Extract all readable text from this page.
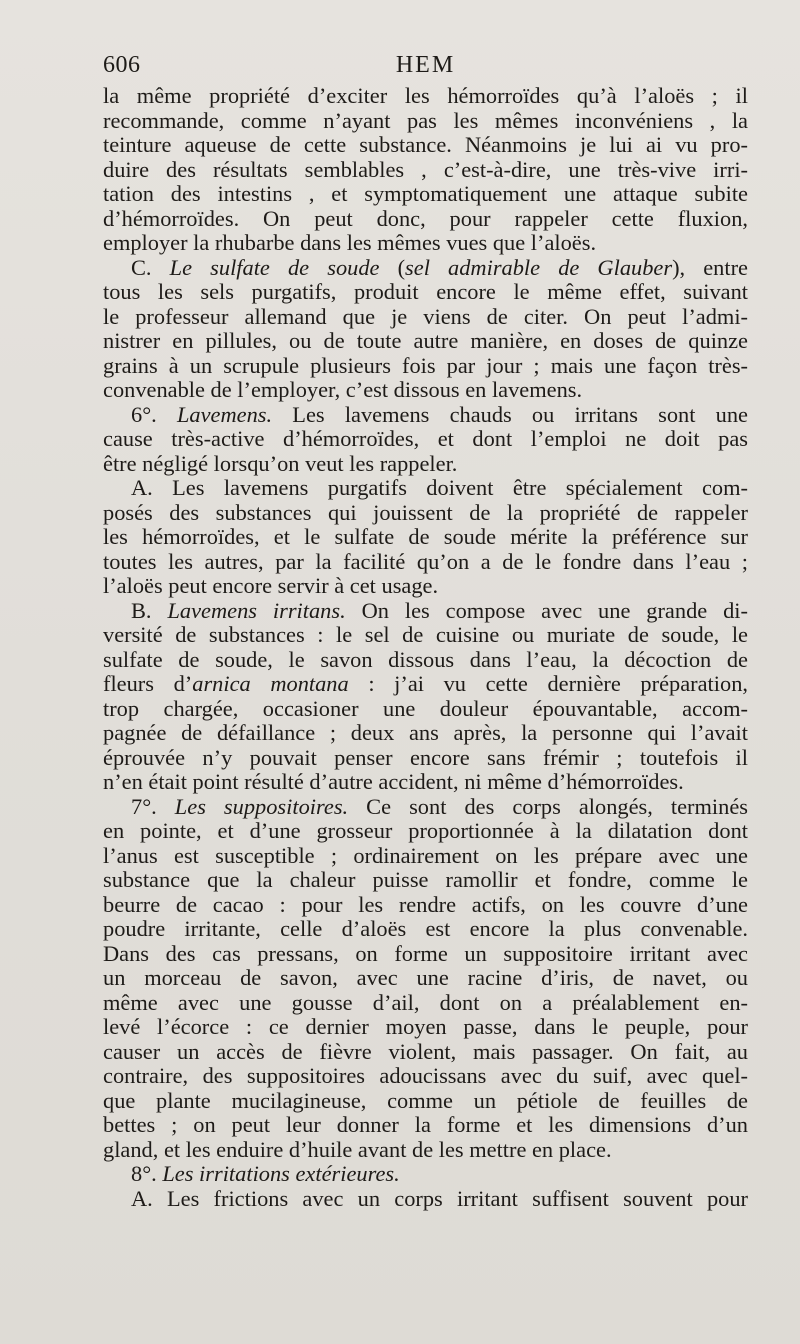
606	HEM
la même propriété d’exciter les hémorroïdes qu’à l’aloës ; il
recommande, comme n’ayant pas les mêmes inconvéniens , la
teinture aqueuse de cette substance. Néanmoins je lui ai vu pro-
duire des résultats semblables , c’est-à-dire, une très-vive irri-
tation des intestins , et symptomatiquement une attaque subite
d’hémorroïdes. On peut donc, pour rappeler cette fluxion,
employer la rhubarbe dans les mêmes vues que l’aloës.
C. Le sulfate de soude (sel admirable de Glauber), entre
tous les sels purgatifs, produit encore le même effet, suivant
le professeur allemand que je viens de citer. On peut l’admi-
nistrer en pillules, ou de toute autre manière, en doses de quinze
grains à un scrupule plusieurs fois par jour ; mais une façon très-
convenable de l’employer, c’est dissous en lavemens.
6°. Lavemens. Les lavemens chauds ou irritans sont une
cause très-active d’hémorroïdes, et dont l’emploi ne doit pas
être négligé lorsqu’on veut les rappeler.
A. Les lavemens purgatifs doivent être spécialement com-
posés des substances qui jouissent de la propriété de rappeler
les hémorroïdes, et le sulfate de soude mérite la préférence sur
toutes les autres, par la facilité qu’on a de le fondre dans l’eau ;
l’aloës peut encore servir à cet usage.
B. Lavemens irritans. On les compose avec une grande di-
versité de substances : le sel de cuisine ou muriate de soude, le
sulfate de soude, le savon dissous dans l’eau, la décoction de
fleurs d’arnica montana : j’ai vu cette dernière préparation,
trop chargée, occasioner une douleur épouvantable, accom-
pagnée de défaillance ; deux ans après, la personne qui l’avait
éprouvée n’y pouvait penser encore sans frémir ; toutefois il
n’en était point résulté d’autre accident, ni même d’hémorroïdes.
7°. Les suppositoires. Ce sont des corps alongés, terminés
en pointe, et d’une grosseur proportionnée à la dilatation dont
l’anus est susceptible ; ordinairement on les prépare avec une
substance que la chaleur puisse ramollir et fondre, comme le
beurre de cacao : pour les rendre actifs, on les couvre d’une
poudre irritante, celle d’aloës est encore la plus convenable.
Dans des cas pressans, on forme un suppositoire irritant avec
un morceau de savon, avec une racine d’iris, de navet, ou
même avec une gousse d’ail, dont on a préalablement en-
levé l’écorce : ce dernier moyen passe, dans le peuple, pour
causer un accès de fièvre violent, mais passager. On fait, au
contraire, des suppositoires adoucissans avec du suif, avec quel-
que plante mucilagineuse, comme un pétiole de feuilles de
bettes ; on peut leur donner la forme et les dimensions d’un
gland, et les enduire d’huile avant de les mettre en place.
8°. Les irritations extérieures.
A. Les frictions avec un corps irritant suffisent souvent pour
